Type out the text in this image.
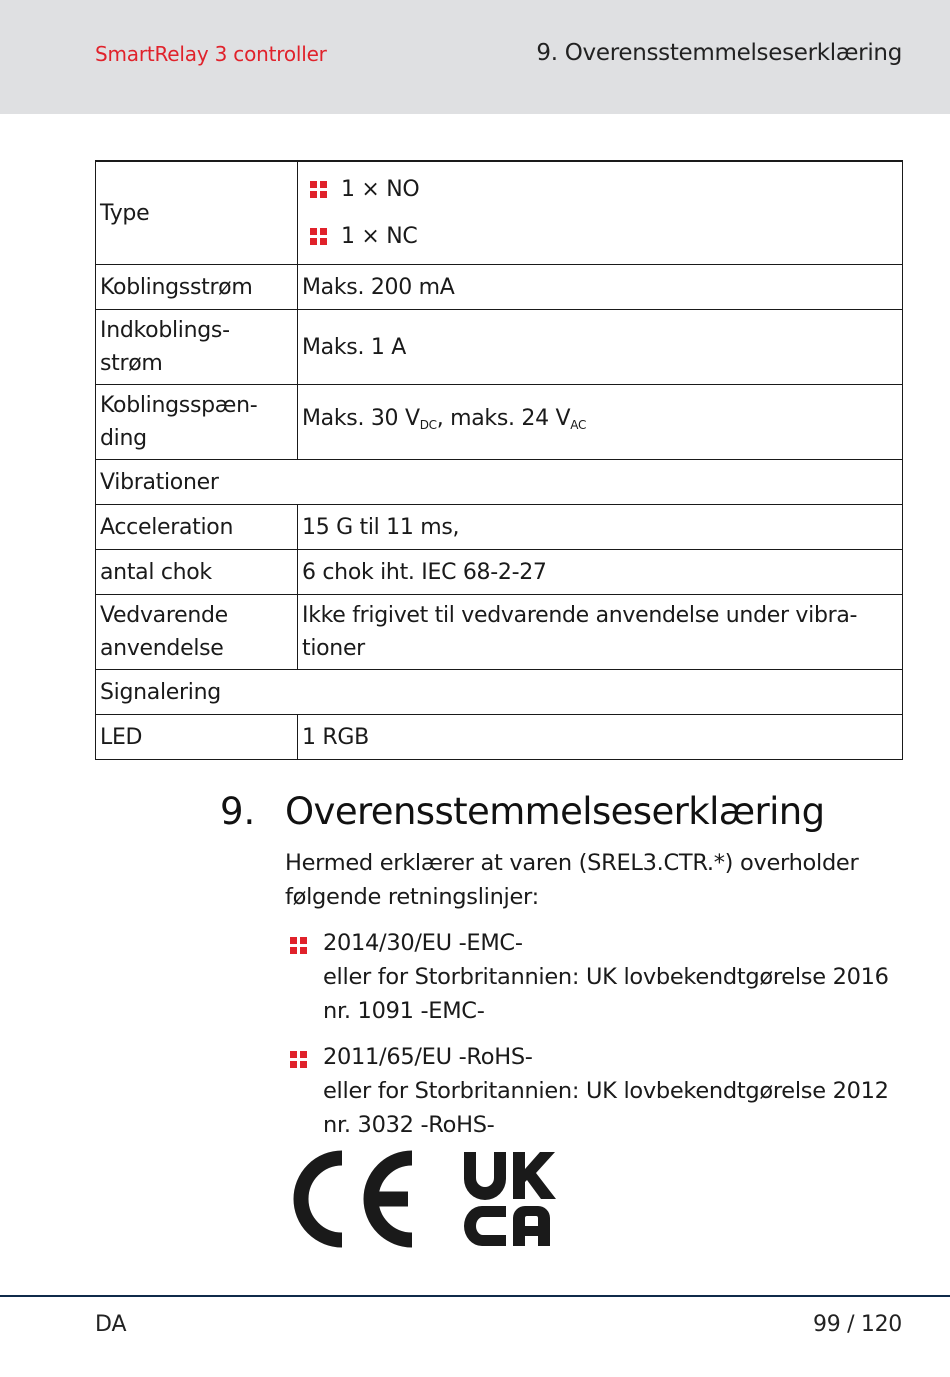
SmartRelay 3 controller	9. Overensstemmelseserklæring
Type	1 × NO
1 × NC

Koblingsstrøm	Maks. 200 mA
Indkoblings-
strøm	Maks. 1 A
Koblingsspæn-
ding	Maks. 30 $V_{DC}$, maks. 24 $V_{AC}$
Vibrationer	
Acceleration	15 G til 11 ms,
antal chok	6 chok iht. IEC 68-2-27
Vedvarende
anvendelse	Ikke frigivet til vedvarende anvendelse under vibra-
tioner
Signalering	
LED	1 RGB
9. Overensstemmelseserklæring
Hermed erklærer at varen (SREL3.CTR.*) overholder
følgende retningslinjer:
2014/30/EU -EMC-
eller for Storbritannien: UK lovbekendtgørelse 2016
nr. 1091 -EMC-
2011/65/EU -RoHS-
eller for Storbritannien: UK lovbekendtgørelse 2012
nr. 3032 -RoHS-
DA	99 / 120
